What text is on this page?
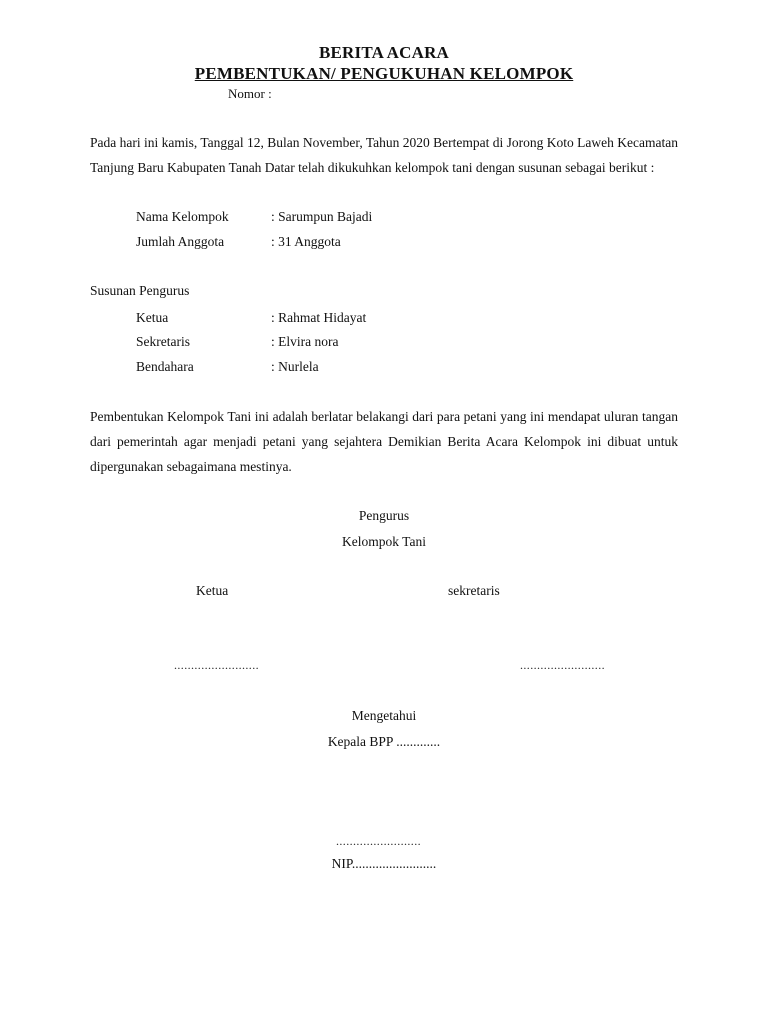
BERITA ACARA
PEMBENTUKAN/ PENGUKUHAN KELOMPOK
Nomor :
Pada hari ini kamis, Tanggal 12, Bulan November, Tahun 2020 Bertempat di Jorong Koto Laweh Kecamatan Tanjung Baru Kabupaten Tanah Datar telah dikukuhkan kelompok tani dengan susunan sebagai berikut :
Nama Kelompok	: Sarumpun Bajadi
Jumlah Anggota	: 31 Anggota
Susunan Pengurus
Ketua	: Rahmat Hidayat
Sekretaris	: Elvira nora
Bendahara	: Nurlela
Pembentukan Kelompok Tani ini adalah berlatar belakangi dari para petani yang ini mendapat uluran tangan dari pemerintah agar menjadi petani yang sejahtera Demikian Berita Acara Kelompok ini dibuat untuk dipergunakan sebagaimana mestinya.
Pengurus
Kelompok Tani
Ketua	sekretaris
.........................	.........................
Mengetahui
Kepala BPP .............
.........................
NIP.........................
